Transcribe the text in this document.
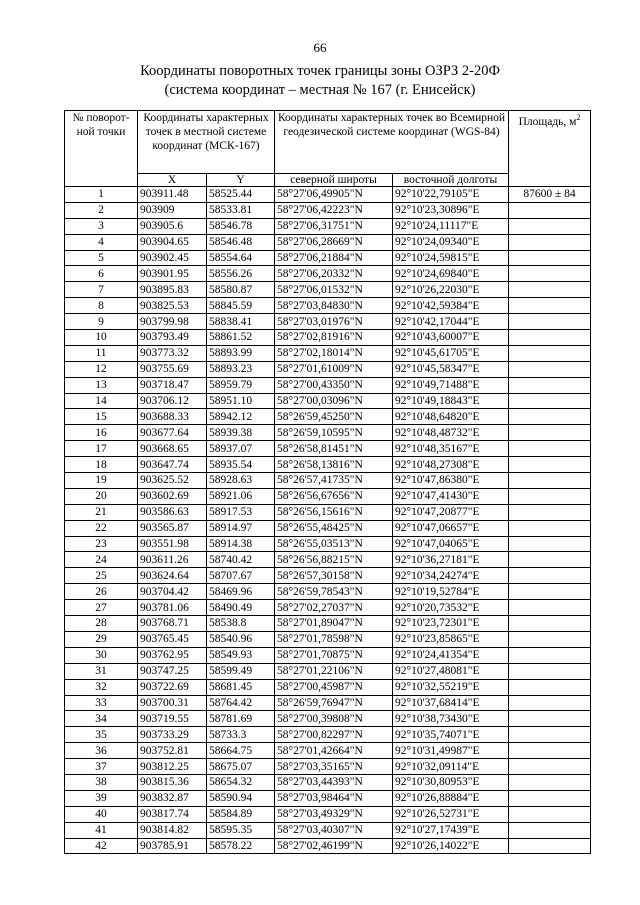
66
Координаты поворотных точек границы зоны ОЗРЗ 2-20Ф
(система координат – местная № 167 (г. Енисейск)
№ поворот-ной точки	Координаты характерных точек в местной системе координат (МСК-167)		Координаты характерных точек во Всемирной геодезической системе координат (WGS-84)		Площадь, $м^2$
	X	Y	северной широты	восточной долготы	
1	903911.48	58525.44	58°27'06,49905"N	92°10'22,79105"E	87600 ± 84
2	903909	58533.81	58°27'06,42223"N	92°10'23,30896"E	
3	903905.6	58546.78	58°27'06,31751"N	92°10'24,11117"E	
4	903904.65	58546.48	58°27'06,28669"N	92°10'24,09340"E	
5	903902.45	58554.64	58°27'06,21884"N	92°10'24,59815"E	
6	903901.95	58556.26	58°27'06,20332"N	92°10'24,69840"E	
7	903895.83	58580.87	58°27'06,01532"N	92°10'26,22030"E	
8	903825.53	58845.59	58°27'03,84830"N	92°10'42,59384"E	
9	903799.98	58838.41	58°27'03,01976"N	92°10'42,17044"E	
10	903793.49	58861.52	58°27'02,81916"N	92°10'43,60007"E	
11	903773.32	58893.99	58°27'02,18014"N	92°10'45,61705"E	
12	903755.69	58893.23	58°27'01,61009"N	92°10'45,58347"E	
13	903718.47	58959.79	58°27'00,43350"N	92°10'49,71488"E	
14	903706.12	58951.10	58°27'00,03096"N	92°10'49,18843"E	
15	903688.33	58942.12	58°26'59,45250"N	92°10'48,64820"E	
16	903677.64	58939.38	58°26'59,10595"N	92°10'48,48732"E	
17	903668.65	58937.07	58°26'58,81451"N	92°10'48,35167"E	
18	903647.74	58935.54	58°26'58,13816"N	92°10'48,27308"E	
19	903625.52	58928.63	58°26'57,41735"N	92°10'47,86380"E	
20	903602.69	58921.06	58°26'56,67656"N	92°10'47,41430"E	
21	903586.63	58917.53	58°26'56,15616"N	92°10'47,20877"E	
22	903565.87	58914.97	58°26'55,48425"N	92°10'47,06657"E	
23	903551.98	58914.38	58°26'55,03513"N	92°10'47,04065"E	
24	903611.26	58740.42	58°26'56,88215"N	92°10'36,27181"E	
25	903624.64	58707.67	58°26'57,30158"N	92°10'34,24274"E	
26	903704.42	58469.96	58°26'59,78543"N	92°10'19,52784"E	
27	903781.06	58490.49	58°27'02,27037"N	92°10'20,73532"E	
28	903768.71	58538.8	58°27'01,89047"N	92°10'23,72301"E	
29	903765.45	58540.96	58°27'01,78598"N	92°10'23,85865"E	
30	903762.95	58549.93	58°27'01,70875"N	92°10'24,41354"E	
31	903747.25	58599.49	58°27'01,22106"N	92°10'27,48081"E	
32	903722.69	58681.45	58°27'00,45987"N	92°10'32,55219"E	
33	903700.31	58764.42	58°26'59,76947"N	92°10'37,68414"E	
34	903719.55	58781.69	58°27'00,39808"N	92°10'38,73430"E	
35	903733.29	58733.3	58°27'00,82297"N	92°10'35,74071"E	
36	903752.81	58664.75	58°27'01,42664"N	92°10'31,49987"E	
37	903812.25	58675.07	58°27'03,35165"N	92°10'32,09114"E	
38	903815.36	58654.32	58°27'03,44393"N	92°10'30,80953"E	
39	903832.87	58590.94	58°27'03,98464"N	92°10'26,88884"E	
40	903817.74	58584.89	58°27'03,49329"N	92°10'26,52731"E	
41	903814.82	58595.35	58°27'03,40307"N	92°10'27,17439"E	
42	903785.91	58578.22	58°27'02,46199"N	92°10'26,14022"E	
